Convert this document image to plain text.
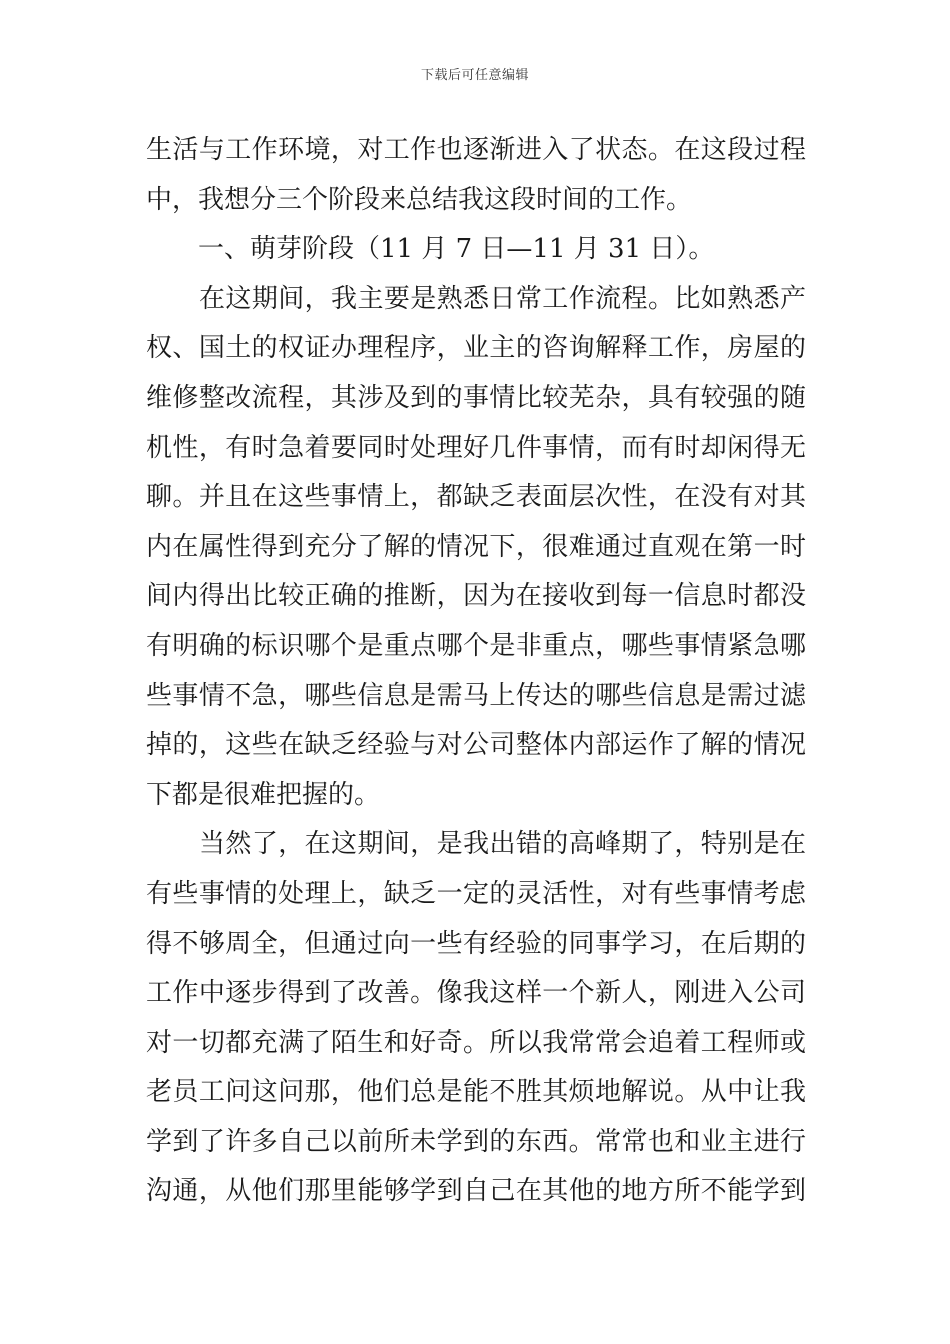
下载后可任意编辑
生活与工作环境，对工作也逐渐进入了状态。在这段过程
中，我想分三个阶段来总结我这段时间的工作。
一、萌芽阶段（11 月 7 日—11 月 31 日）。
在这期间，我主要是熟悉日常工作流程。比如熟悉产
权、国土的权证办理程序，业主的咨询解释工作，房屋的
维修整改流程，其涉及到的事情比较芜杂，具有较强的随
机性，有时急着要同时处理好几件事情，而有时却闲得无
聊。并且在这些事情上，都缺乏表面层次性，在没有对其
内在属性得到充分了解的情况下，很难通过直观在第一时
间内得出比较正确的推断，因为在接收到每一信息时都没
有明确的标识哪个是重点哪个是非重点，哪些事情紧急哪
些事情不急，哪些信息是需马上传达的哪些信息是需过滤
掉的，这些在缺乏经验与对公司整体内部运作了解的情况
下都是很难把握的。
当然了，在这期间，是我出错的高峰期了，特别是在
有些事情的处理上，缺乏一定的灵活性，对有些事情考虑
得不够周全，但通过向一些有经验的同事学习，在后期的
工作中逐步得到了改善。像我这样一个新人，刚进入公司
对一切都充满了陌生和好奇。所以我常常会追着工程师或
老员工问这问那，他们总是能不胜其烦地解说。从中让我
学到了许多自己以前所未学到的东西。常常也和业主进行
沟通，从他们那里能够学到自己在其他的地方所不能学到
